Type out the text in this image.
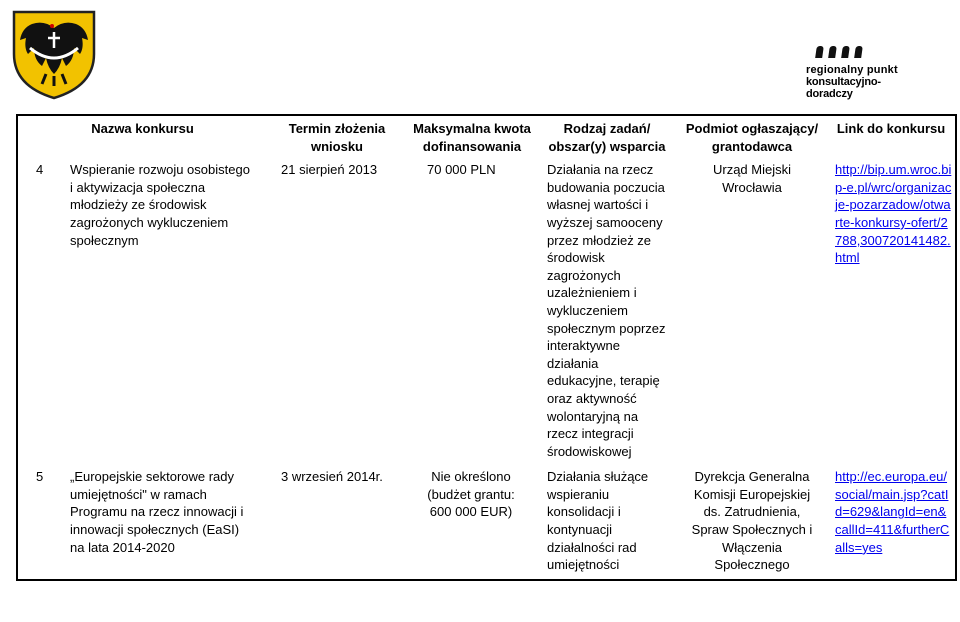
regionalny punkt
konsultacyjno-doradczy
Nazwa konkursu	Termin złożenia wniosku	Maksymalna kwota dofinansowania	Rodzaj zadań/ obszar(y) wsparcia	Podmiot ogłaszający/ grantodawca	Link do konkursu

4 Wspieranie rozwoju osobistego i aktywizacja społeczna młodzieży ze środowisk zagrożonych wykluczeniem społecznym	21 sierpień 2013	70 000 PLN	Działania na rzecz budowania poczucia własnej wartości i wyższej samooceny przez młodzież ze środowisk zagrożonych uzależnieniem i wykluczeniem społecznym poprzez interaktywne działania edukacyjne, terapię oraz aktywność wolontaryjną na rzecz integracji środowiskowej	Urząd Miejski Wrocławia	http://bip.um.wroc.bip-e.pl/wrc/organizacje-pozarzadow/otwarte-konkursy-ofert/2788,300720141482.html

5 „Europejskie sektorowe rady umiejętności" w ramach Programu na rzecz innowacji i innowacji społecznych (EaSI) na lata 2014-2020	3 wrzesień 2014r.	Nie określono (budżet grantu: 600 000 EUR)	Działania służące wspieraniu konsolidacji i kontynuacji działalności rad umiejętności	Dyrekcja Generalna Komisji Europejskiej ds. Zatrudnienia, Spraw Społecznych i Włączenia Społecznego	http://ec.europa.eu/social/main.jsp?catId=629&langId=en&callId=411&furtherCalls=yes
